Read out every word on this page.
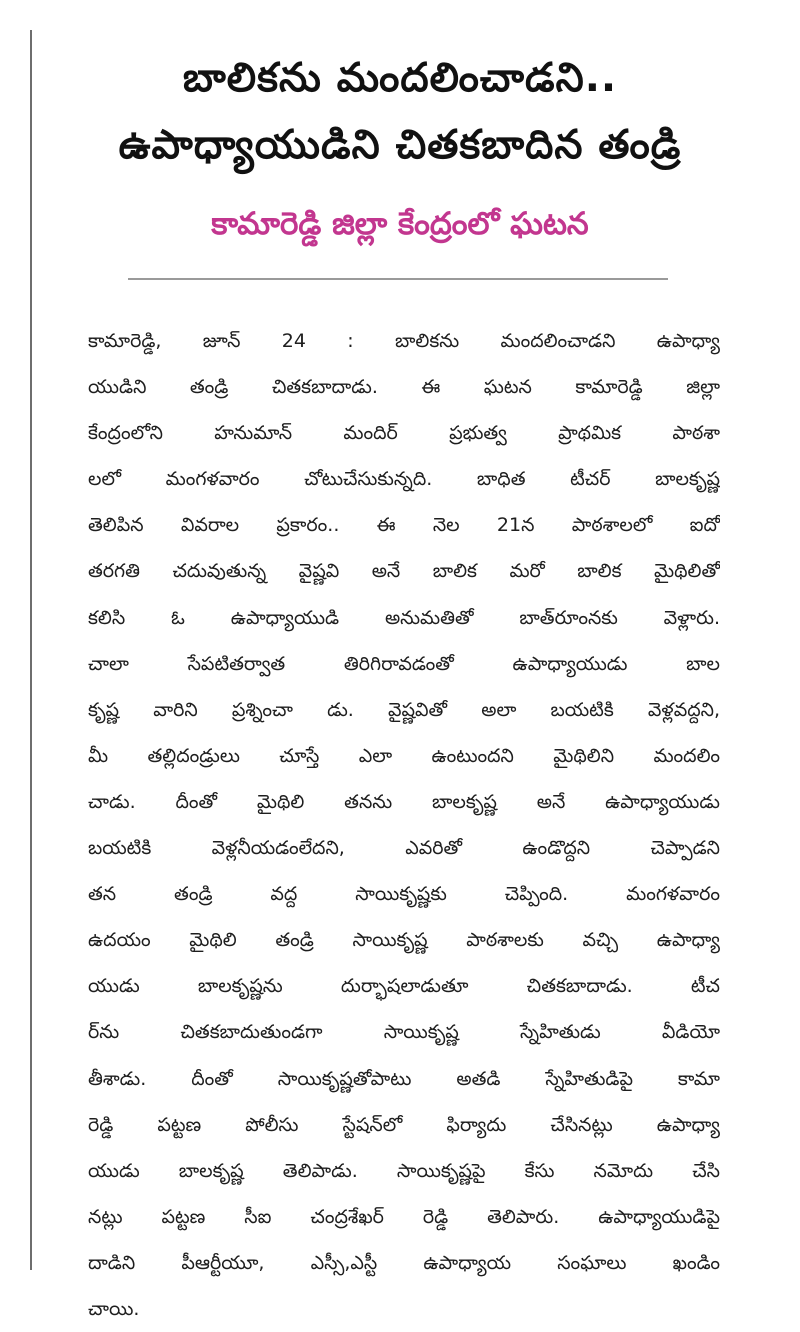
బాలికను మందలించాడని..
ఉపాధ్యాయుడిని చితకబాదిన తండ్రి
కామారెడ్డి జిల్లా కేంద్రంలో ఘటన
కామారెడ్డి, జూన్ 24 : బాలికను మందలించాడని ఉపాధ్యా
యుడిని తండ్రి చితకబాదాడు. ఈ ఘటన కామారెడ్డి జిల్లా
కేంద్రంలోని హనుమాన్ మందిర్ ప్రభుత్వ ప్రాథమిక పాఠశా
లలో మంగళవారం చోటుచేసుకున్నది. బాధిత టీచర్ బాలకృష్ణ
తెలిపిన వివరాల ప్రకారం.. ఈ నెల 21న పాఠశాలలో ఐదో
తరగతి చదువుతున్న వైష్ణవి అనే బాలిక మరో బాలిక మైథిలితో
కలిసి ఓ ఉపాధ్యాయుడి అనుమతితో బాత్‌రూంనకు వెళ్లారు.
చాలా సేపటితర్వాత తిరిగిరావడంతో ఉపాధ్యాయుడు బాల
కృష్ణ వారిని ప్రశ్నించా డు. వైష్ణవితో అలా బయటికి వెళ్లవద్దని,
మీ తల్లిదండ్రులు చూస్తే ఎలా ఉంటుందని మైథిలిని మందలిం
చాడు. దీంతో మైథిలి తనను బాలకృష్ణ అనే ఉపాధ్యాయుడు
బయటికి వెళ్లనీయడంలేదని, ఎవరితో ఉండొద్దని చెప్పాడని
తన తండ్రి వద్ద సాయికృష్ణకు చెప్పింది. మంగళవారం
ఉదయం మైథిలి తండ్రి సాయికృష్ణ పాఠశాలకు వచ్చి ఉపాధ్యా
యుడు బాలకృష్ణను దుర్భాషలాడుతూ చితకబాదాడు. టీచ
ర్‌ను చితకబాదుతుండగా సాయికృష్ణ స్నేహితుడు వీడియో
తీశాడు. దీంతో సాయికృష్ణతోపాటు అతడి స్నేహితుడిపై కామా
రెడ్డి పట్టణ పోలీసు స్టేషన్‌లో ఫిర్యాదు చేసినట్లు ఉపాధ్యా
యుడు బాలకృష్ణ తెలిపాడు. సాయికృష్ణపై కేసు నమోదు చేసి
నట్లు పట్టణ సీఐ చంద్రశేఖర్ రెడ్డి తెలిపారు. ఉపాధ్యాయుడిపై
దాడిని పీఆర్టీయూ, ఎస్సీ,ఎస్టీ ఉపాధ్యాయ సంఘాలు ఖండిం
చాయి.
